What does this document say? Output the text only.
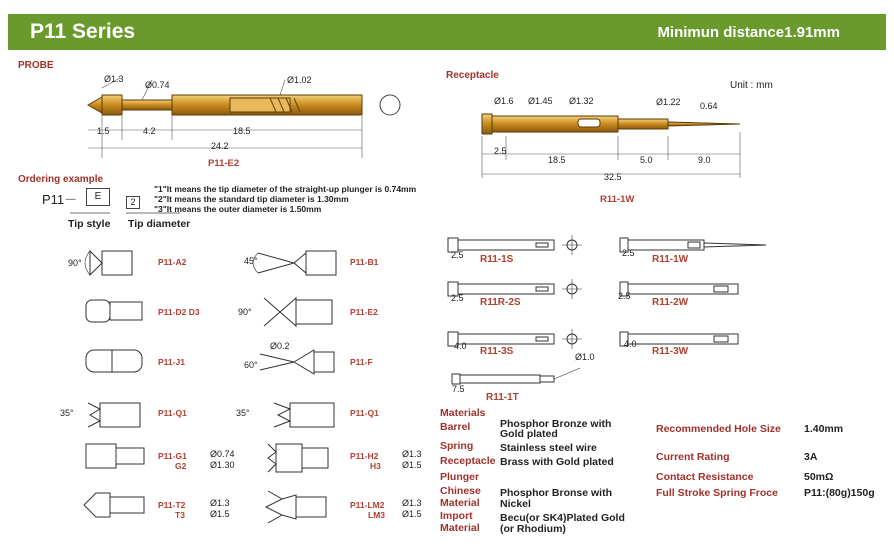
P11 Series	Minimun distance1.91mm
PROBE
Ø1.3
Ø0.74	Ø1.02
1.5	4.2	18.5
24.2
P11-E2
Receptacle
Unit : mm
Ø1.6 Ø1.45 Ø1.32	Ø1.22 0.64
2.5
18.5	5.0	9.0
32.5
R11-1W
Ordering example
P11－	E	2
Tip style Tip diameter
"1"It means the tip diameter of the straight-up plunger is 0.74mm
"2"It means the standard tip diameter is 1.30mm
"3"It means the outer diameter is 1.50mm
90°	P11-A2
P11-D2 D3
P11-J1
35°	P11-Q1
P11-G1
G2
Ø0.74
Ø1.30
P11-T2
T3
Ø1.3
Ø1.5
45°	P11-B1
90°	P11-E2
Ø0.2
60°	P11-F
35°	P11-Q1
P11-H2
H3
Ø1.3
Ø1.5
P11-LM2
LM3
Ø1.3
Ø1.5
2.5 R11-1S
2.5
R11-1W
2.5 R11R-2S
2.5
R11-2W
4.0 R11-3S
4.0
R11-3W
Ø1.0
7.5
R11-1T
Materials
Barrel	Phosphor Bronze with
Gold plated
Spring	Stainless steel wire
Receptacle Brass with Gold plated
Plunger
Chinese
Material
Phosphor Bronse with
Nickel
Import
Material
Becu(or SK4)Plated Gold
(or Rhodium)
Recommended Hole Size 1.40mm
Current Rating	3A
Contact Resistance	50mΩ
Full Stroke Spring Froce P11:(80g)150g
